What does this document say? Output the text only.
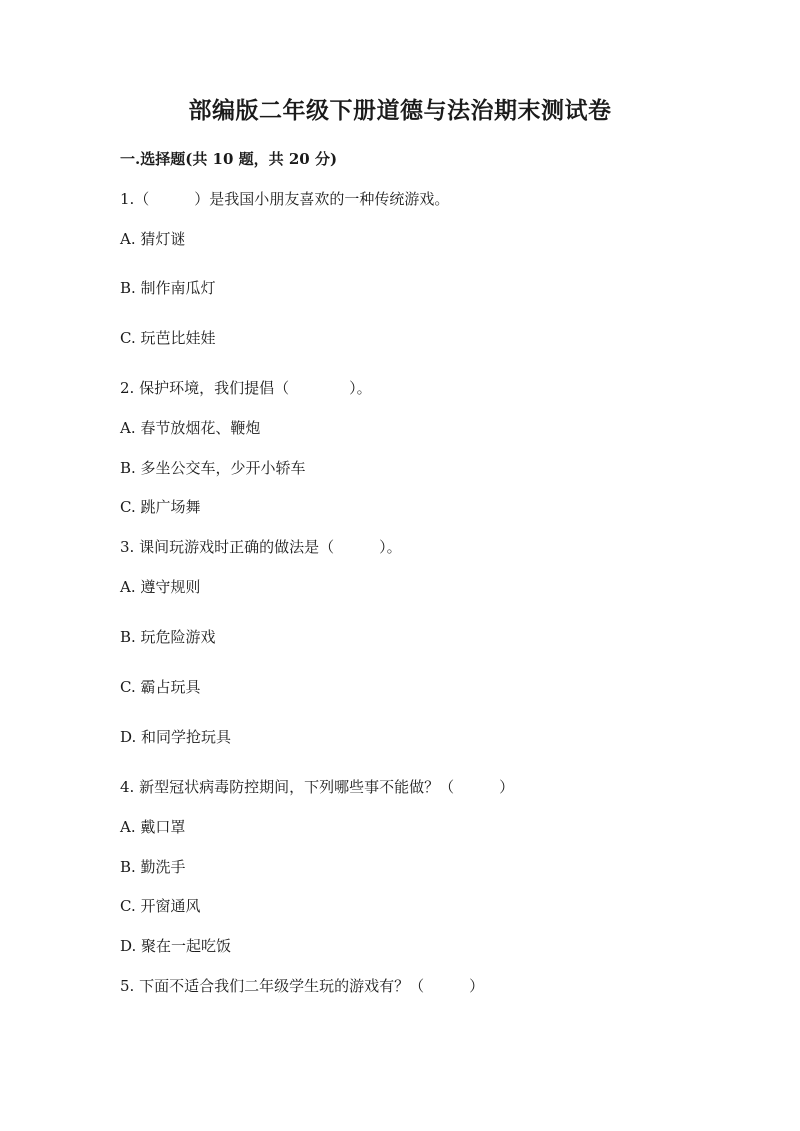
部编版二年级下册道德与法治期末测试卷
一.选择题(共 10 题，共 20 分)
1.（　　　）是我国小朋友喜欢的一种传统游戏。
A. 猜灯谜
B. 制作南瓜灯
C. 玩芭比娃娃
2. 保护环境，我们提倡（　　　　）。
A. 春节放烟花、鞭炮
B. 多坐公交车，少开小轿车
C. 跳广场舞
3. 课间玩游戏时正确的做法是（　　　）。
A. 遵守规则
B. 玩危险游戏
C. 霸占玩具
D. 和同学抢玩具
4. 新型冠状病毒防控期间，下列哪些事不能做？（　　　）
A. 戴口罩
B. 勤洗手
C. 开窗通风
D. 聚在一起吃饭
5. 下面不适合我们二年级学生玩的游戏有？（　　　）
